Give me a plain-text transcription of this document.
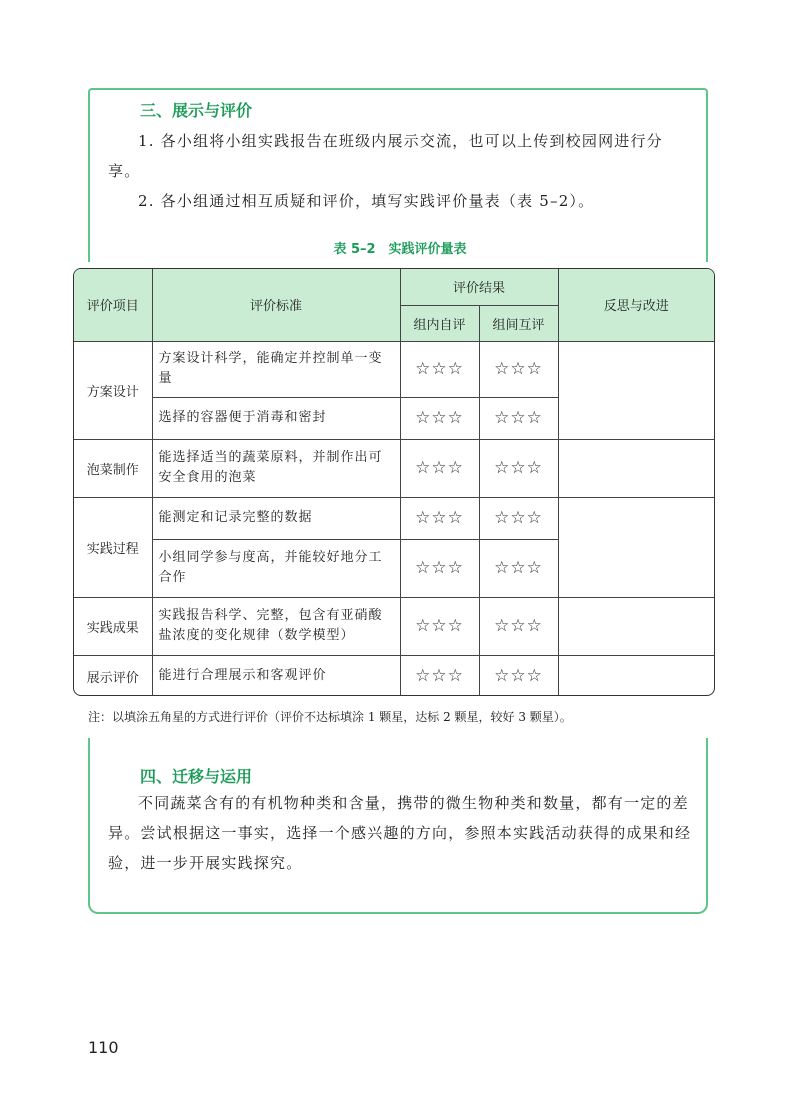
三、展示与评价

1. 各小组将小组实践报告在班级内展示交流，也可以上传到校园网进行分享。

2. 各小组通过相互质疑和评价，填写实践评价量表（表 5–2）。

表 5–2　实践评价量表
评价项目	评价标准	评价结果		反思与改进
		组内自评	组间互评	
方案设计	方案设计科学，能确定并控制单一变量	☆☆☆	☆☆☆	
	选择的容器便于消毒和密封	☆☆☆	☆☆☆	
泡菜制作	能选择适当的蔬菜原料，并制作出可安全食用的泡菜	☆☆☆	☆☆☆	
实践过程	能测定和记录完整的数据	☆☆☆	☆☆☆	
	小组同学参与度高，并能较好地分工合作	☆☆☆	☆☆☆	
实践成果	实践报告科学、完整，包含有亚硝酸盐浓度的变化规律（数学模型）	☆☆☆	☆☆☆	
展示评价	能进行合理展示和客观评价	☆☆☆	☆☆☆	

注：以填涂五角星的方式进行评价（评价不达标填涂 1 颗星，达标 2 颗星，较好 3 颗星）。

四、迁移与运用

不同蔬菜含有的有机物种类和含量，携带的微生物种类和数量，都有一定的差异。尝试根据这一事实，选择一个感兴趣的方向，参照本实践活动获得的成果和经验，进一步开展实践探究。

110
